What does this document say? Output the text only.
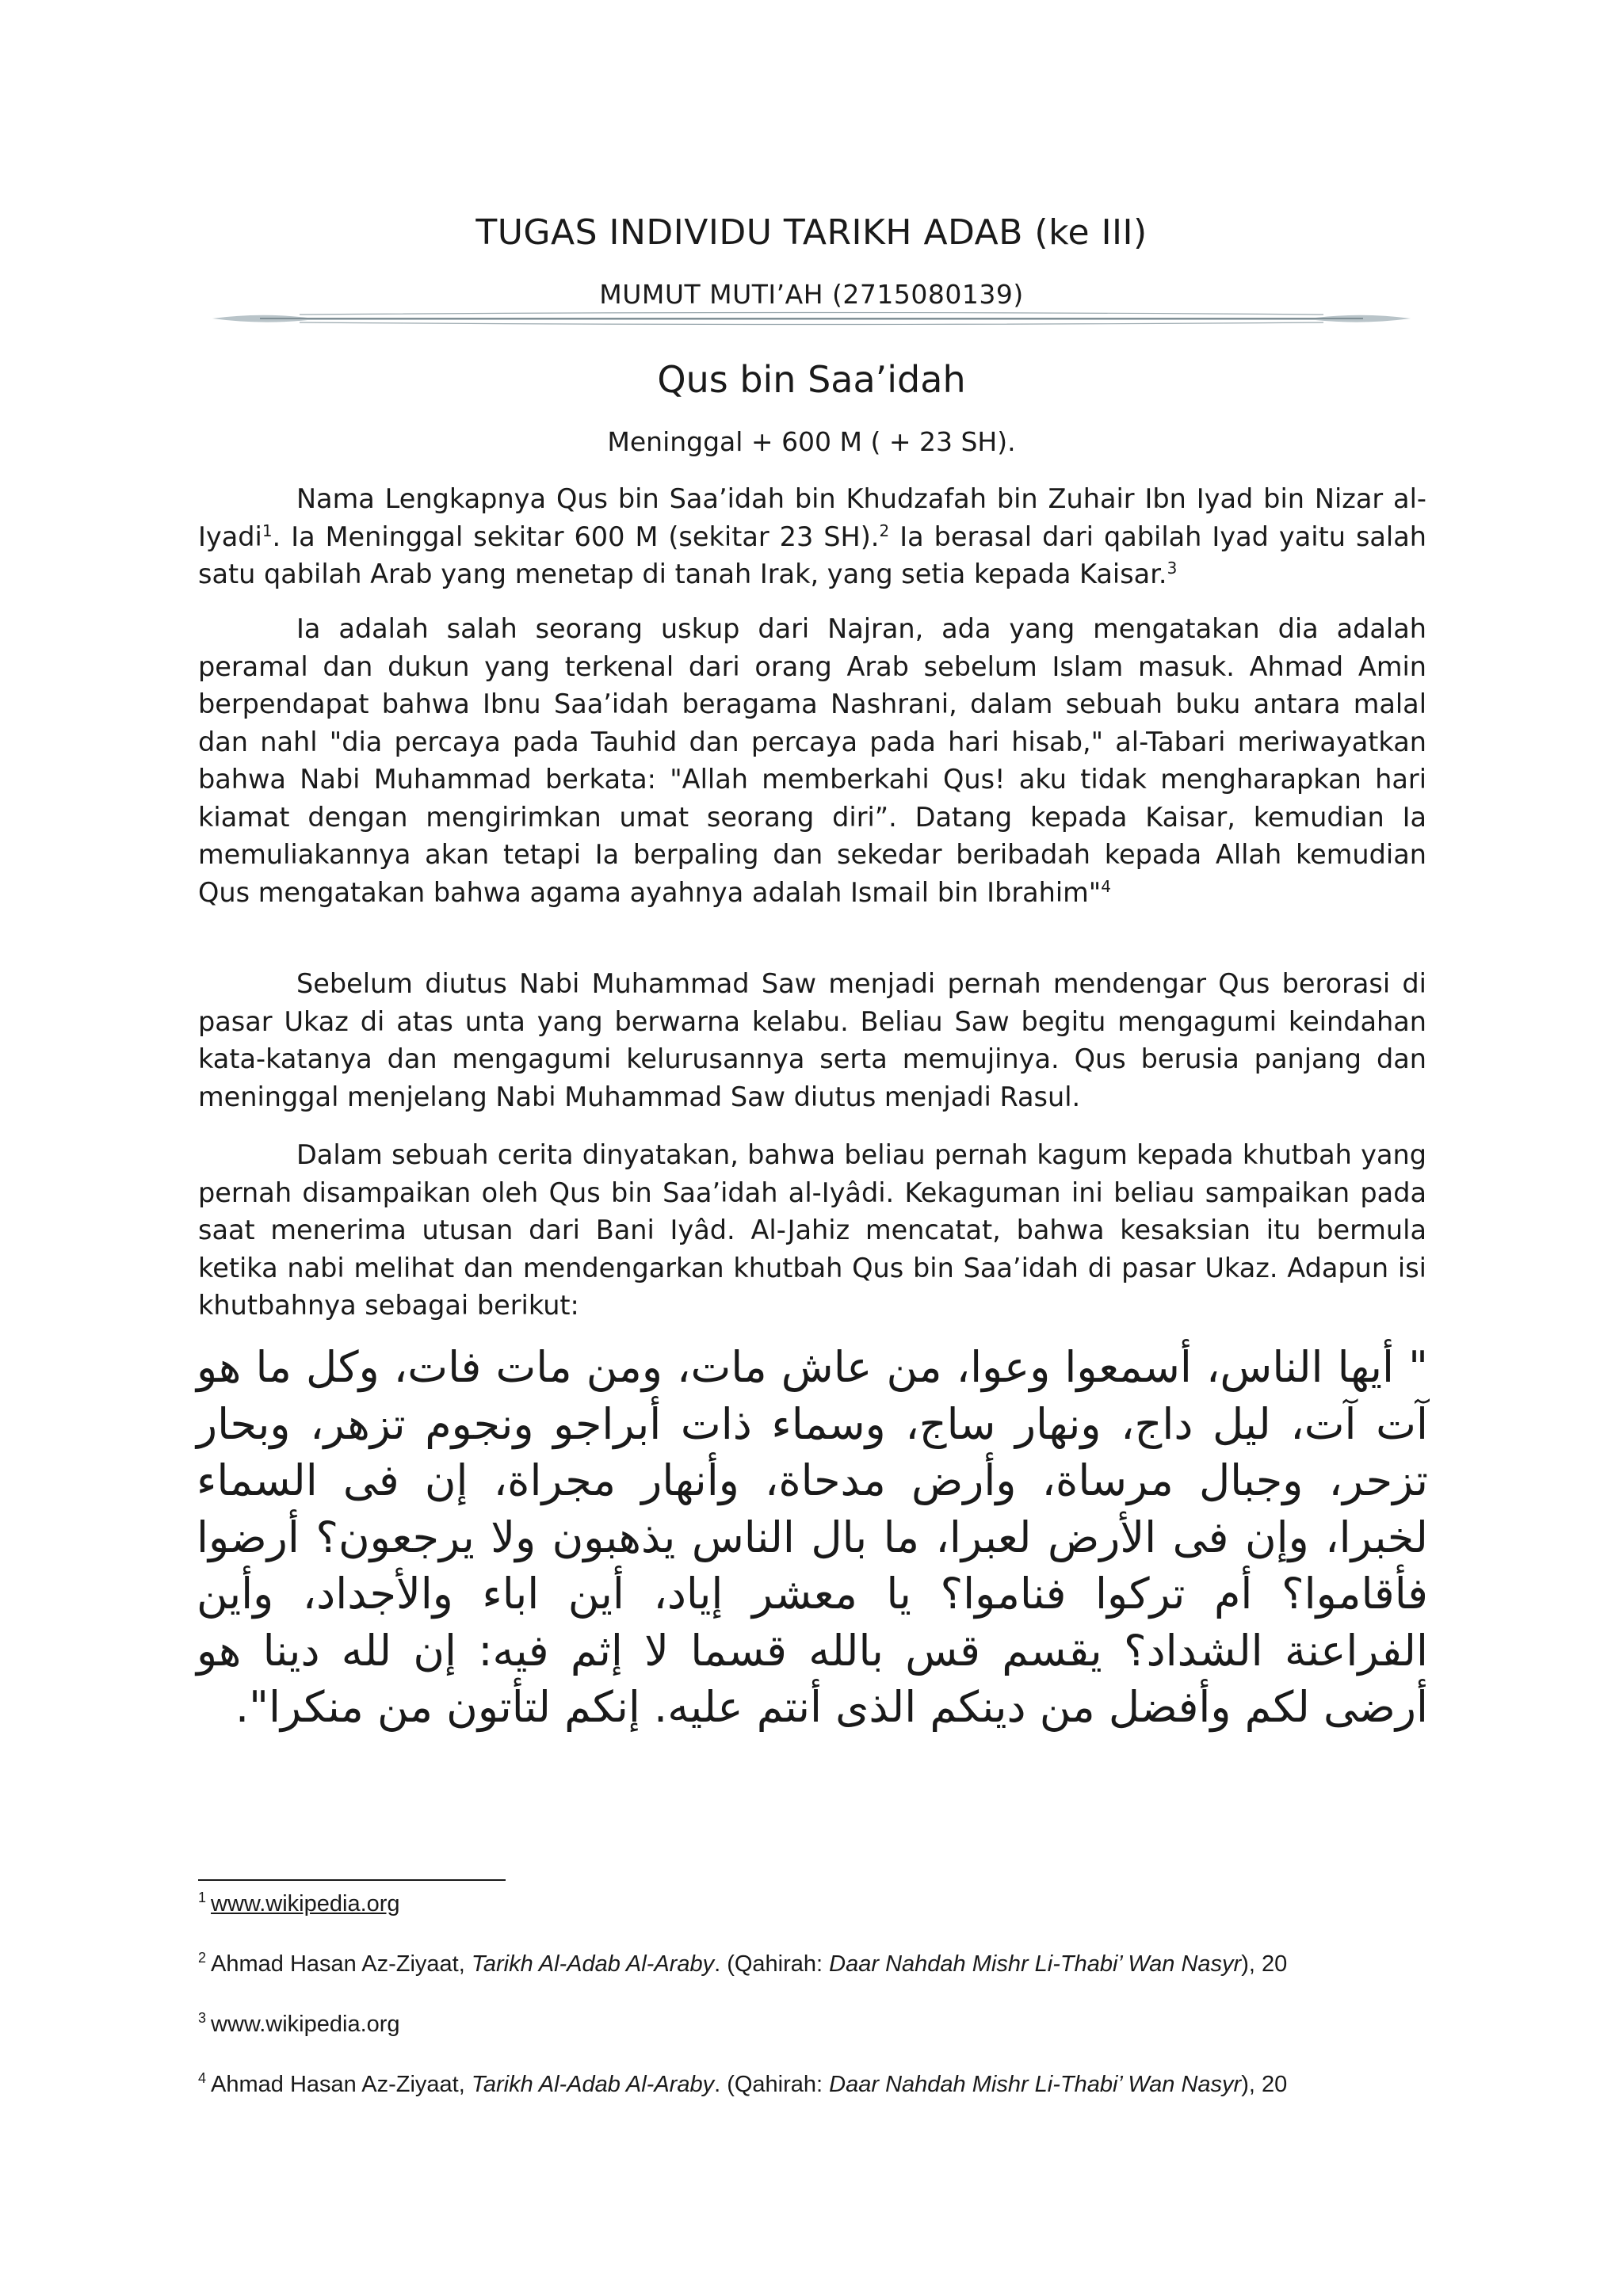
TUGAS INDIVIDU TARIKH ADAB (ke III)
MUMUT MUTI’AH (2715080139)
Qus bin Saa’idah
Meninggal + 600 M ( + 23 SH).

Nama Lengkapnya Qus bin Saa’idah bin Khudzafah bin Zuhair Ibn Iyad bin Nizar al-Iyadi$^1$. Ia Meninggal sekitar 600 M (sekitar 23 SH).$^2$ Ia berasal dari qabilah Iyad yaitu salah satu qabilah Arab yang menetap di tanah Irak, yang setia kepada Kaisar.$^3$

Ia adalah salah seorang uskup dari Najran, ada yang mengatakan dia adalah peramal dan dukun yang terkenal dari orang Arab sebelum Islam masuk. Ahmad Amin berpendapat bahwa Ibnu Saa’idah beragama Nashrani, dalam sebuah buku antara malal dan nahl "dia percaya pada Tauhid dan percaya pada hari hisab," al-Tabari meriwayatkan bahwa Nabi Muhammad berkata: "Allah memberkahi Qus! aku tidak mengharapkan hari kiamat dengan mengirimkan umat seorang diri”. Datang kepada Kaisar, kemudian Ia memuliakannya akan tetapi Ia berpaling dan sekedar beribadah kepada Allah kemudian Qus mengatakan bahwa agama ayahnya adalah Ismail bin Ibrahim"$^4$

Sebelum diutus Nabi Muhammad Saw menjadi pernah mendengar Qus berorasi di pasar Ukaz di atas unta yang berwarna kelabu. Beliau Saw begitu mengagumi keindahan kata-katanya dan mengagumi kelurusannya serta memujinya. Qus berusia panjang dan meninggal menjelang Nabi Muhammad Saw diutus menjadi Rasul.

Dalam sebuah cerita dinyatakan, bahwa beliau pernah kagum kepada khutbah yang pernah disampaikan oleh Qus bin Saa’idah al-Iyâdi. Kekaguman ini beliau sampaikan pada saat menerima utusan dari Bani Iyâd. Al-Jahiz mencatat, bahwa kesaksian itu bermula ketika nabi melihat dan mendengarkan khutbah Qus bin Saa’idah di pasar Ukaz. Adapun isi khutbahnya sebagai berikut:

" أيها الناس، أسمعوا وعوا، من عاش مات، ومن مات فات، وكل ما هو آت آت، ليل داج، ونهار ساج، وسماء ذات أبراجو ونجوم تزهر، وبحار تزحر، وجبال مرساة، وأرض مدحاة، وأنهار مجراة، إن فى السماء لخبرا، وإن فى الأرض لعبرا، ما بال الناس يذهبون ولا يرجعون؟ أرضوا فأقاموا؟ أم تركوا فناموا؟ يا معشر إياد، أين اباء والأجداد، وأين الفراعنة الشداد؟ يقسم قس بالله قسما لا إثم فيه: إن لله دينا هو أرضى لكم وأفضل من دينكم الذى أنتم عليه. إنكم لتأتون من منكرا".

$^1$ www.wikipedia.org

$^2$ Ahmad Hasan Az-Ziyaat, Tarikh Al-Adab Al-Araby. (Qahirah: Daar Nahdah Mishr Li-Thabi’ Wan Nasyr), 20

$^3$ www.wikipedia.org

$^4$ Ahmad Hasan Az-Ziyaat, Tarikh Al-Adab Al-Araby. (Qahirah: Daar Nahdah Mishr Li-Thabi’ Wan Nasyr), 20
